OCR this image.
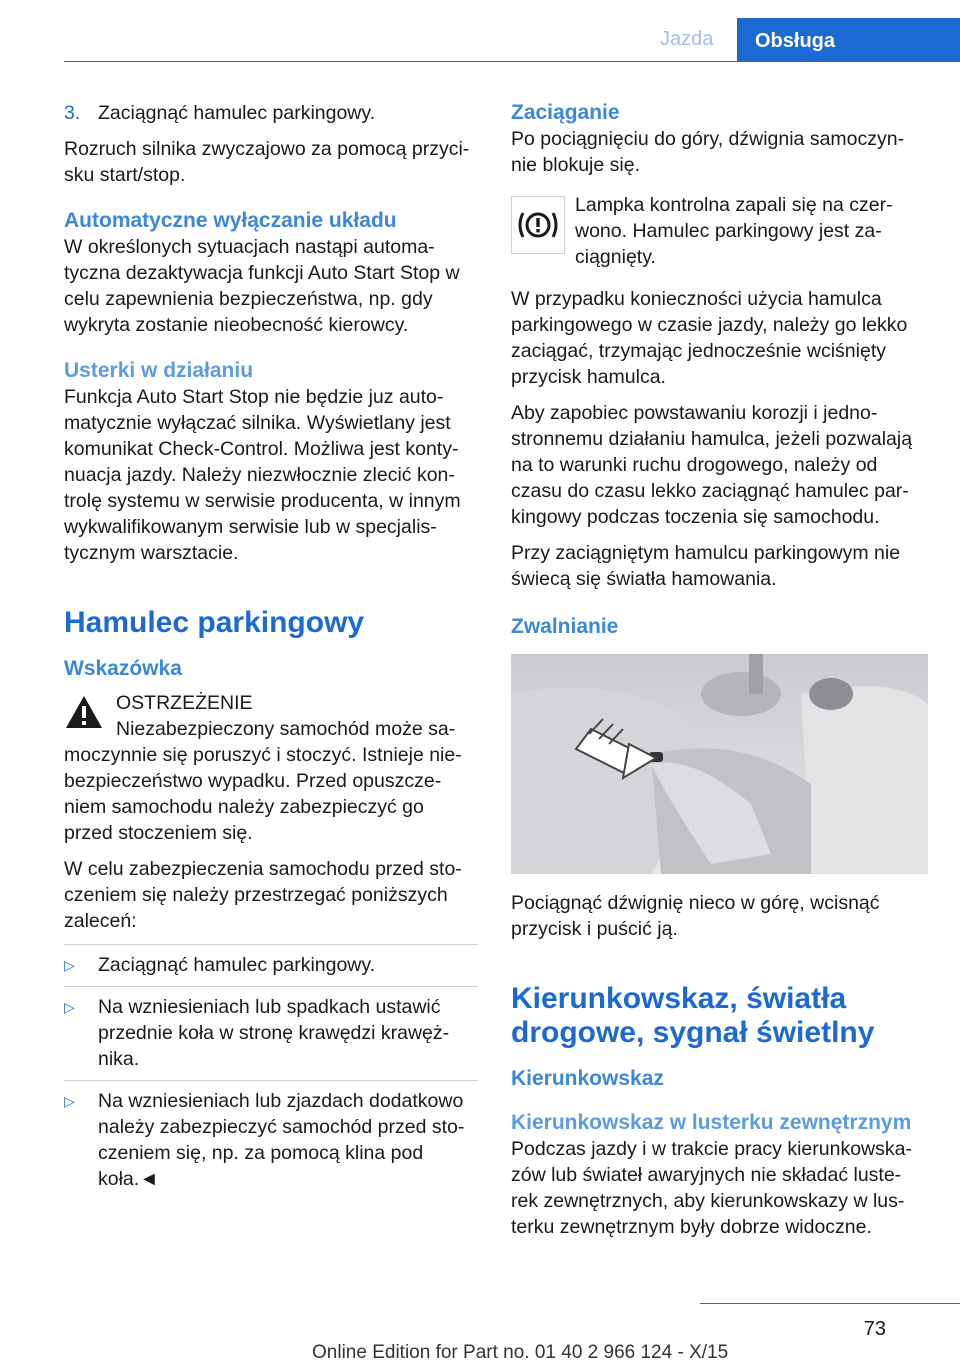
Jazda	Obsługa
3. Zaciągnąć hamulec parkingowy.

Rozruch silnika zwyczajowo za pomocą przyci-sku start/stop.

Automatyczne wyłączanie układu

W określonych sytuacjach nastąpi automa-tyczna dezaktywacja funkcji Auto Start Stop w celu zapewnienia bezpieczeństwa, np. gdy wykryta zostanie nieobecność kierowcy.

Usterki w działaniu

Funkcja Auto Start Stop nie będzie juz auto-matycznie wyłączać silnika. Wyświetlany jest komunikat Check-Control. Możliwa jest konty-nuacja jazdy. Należy niezwłocznie zlecić kon-trolę systemu w serwisie producenta, w innym wykwalifikowanym serwisie lub w specjalis-tycznym warsztacie.

Hamulec parkingowy
Wskazówka
OSTRZEŻENIE
Niezabezpieczony samochód może sa-
moczynnie się poruszyć i stoczyć. Istnieje nie-bezpieczeństwo wypadku. Przed opuszcze-niem samochodu należy zabezpieczyć go przed stoczeniem się.

W celu zabezpieczenia samochodu przed sto-czeniem się należy przestrzegać poniższych zaleceń:

▷	Zaciągnąć hamulec parkingowy.
▷	Na wzniesieniach lub spadkach ustawić przednie koła w stronę krawędzi krawęż-nika.
▷	Na wzniesieniach lub zjazdach dodatkowo należy zabezpieczyć samochód przed sto-czeniem się, np. za pomocą klina pod koła.◄
Zaciąganie

Po pociągnięciu do góry, dźwignia samoczyn-nie blokuje się.

Lampka kontrolna zapali się na czer-wono. Hamulec parkingowy jest za-ciągnięty.

W przypadku konieczności użycia hamulca parkingowego w czasie jazdy, należy go lekko zaciągać, trzymając jednocześnie wciśnięty przycisk hamulca.

Aby zapobiec powstawaniu korozji i jedno-stronnemu działaniu hamulca, jeżeli pozwalają na to warunki ruchu drogowego, należy od czasu do czasu lekko zaciągnąć hamulec par-kingowy podczas toczenia się samochodu.

Przy zaciągniętym hamulcu parkingowym nie świecą się światła hamowania.

Zwalnianie

Pociągnąć dźwignię nieco w górę, wcisnąć przycisk i puścić ją.

Kierunkowskaz, światła drogowe, sygnał świetlny
Kierunkowskaz
Kierunkowskaz w lusterku zewnętrznym

Podczas jazdy i w trakcie pracy kierunkowska-zów lub świateł awaryjnych nie składać luste-rek zewnętrznych, aby kierunkowskazy w lus-terku zewnętrznym były dobrze widoczne.

73
Online Edition for Part no. 01 40 2 966 124 - X/15
